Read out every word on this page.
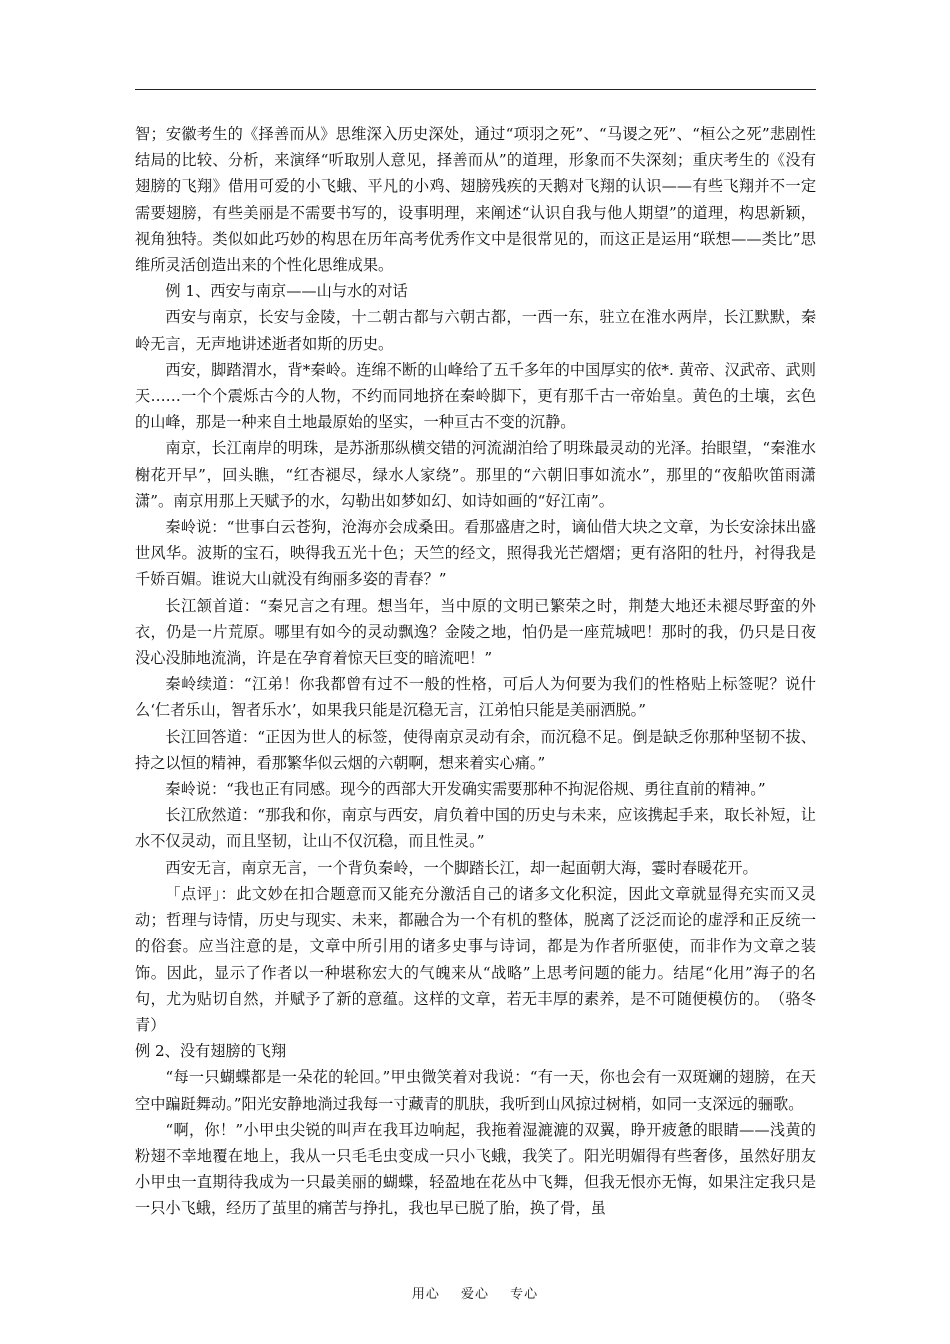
智；安徽考生的《择善而从》思维深入历史深处，通过“项羽之死”、“马谡之死”、“桓公之死”悲剧性结局的比较、分析，来演绎“听取别人意见，择善而从”的道理，形象而不失深刻；重庆考生的《没有翅膀的飞翔》借用可爱的小飞蛾、平凡的小鸡、翅膀残疾的天鹅对飞翔的认识——有些飞翔并不一定需要翅膀，有些美丽是不需要书写的，设事明理，来阐述“认识自我与他人期望”的道理，构思新颖，视角独特。类似如此巧妙的构思在历年高考优秀作文中是很常见的，而这正是运用“联想——类比”思维所灵活创造出来的个性化思维成果。

例 1、西安与南京——山与水的对话

西安与南京，长安与金陵，十二朝古都与六朝古都，一西一东，驻立在淮水两岸，长江默默，秦岭无言，无声地讲述逝者如斯的历史。

西安，脚踏渭水，背*秦岭。连绵不断的山峰给了五千多年的中国厚实的依*. 黄帝、汉武帝、武则天……一个个震烁古今的人物，不约而同地挤在秦岭脚下，更有那千古一帝始皇。黄色的土壤，玄色的山峰，那是一种来自土地最原始的坚实，一种亘古不变的沉静。

南京，长江南岸的明珠，是苏浙那纵横交错的河流湖泊给了明珠最灵动的光泽。抬眼望，“秦淮水榭花开早”，回头瞧，“红杏褪尽，绿水人家绕”。那里的“六朝旧事如流水”，那里的“夜船吹笛雨潇潇”。南京用那上天赋予的水，勾勒出如梦如幻、如诗如画的“好江南”。

秦岭说：“世事白云苍狗，沧海亦会成桑田。看那盛唐之时，谪仙借大块之文章，为长安涂抹出盛世风华。波斯的宝石，映得我五光十色；天竺的经文，照得我光芒熠熠；更有洛阳的牡丹，衬得我是千娇百媚。谁说大山就没有绚丽多姿的青春？”

长江颔首道：“秦兄言之有理。想当年，当中原的文明已繁荣之时，荆楚大地还未褪尽野蛮的外衣，仍是一片荒原。哪里有如今的灵动飘逸？金陵之地，怕仍是一座荒城吧！那时的我，仍只是日夜没心没肺地流淌，许是在孕育着惊天巨变的暗流吧！”

秦岭续道：“江弟！你我都曾有过不一般的性格，可后人为何要为我们的性格贴上标签呢？说什么‘仁者乐山，智者乐水’，如果我只能是沉稳无言，江弟怕只能是美丽洒脱。”

长江回答道：“正因为世人的标签，使得南京灵动有余，而沉稳不足。倒是缺乏你那种坚韧不拔、持之以恒的精神，看那繁华似云烟的六朝啊，想来着实心痛。”

秦岭说：“我也正有同感。现今的西部大开发确实需要那种不拘泥俗规、勇往直前的精神。”

长江欣然道：“那我和你，南京与西安，肩负着中国的历史与未来，应该携起手来，取长补短，让水不仅灵动，而且坚韧，让山不仅沉稳，而且性灵。”

西安无言，南京无言，一个背负秦岭，一个脚踏长江，却一起面朝大海，霎时春暖花开。

「点评」：此文妙在扣合题意而又能充分激活自己的诸多文化积淀，因此文章就显得充实而又灵动；哲理与诗情，历史与现实、未来，都融合为一个有机的整体，脱离了泛泛而论的虚浮和正反统一的俗套。应当注意的是，文章中所引用的诸多史事与诗词，都是为作者所驱使，而非作为文章之装饰。因此，显示了作者以一种堪称宏大的气魄来从“战略”上思考问题的能力。结尾“化用”海子的名句，尤为贴切自然，并赋予了新的意蕴。这样的文章，若无丰厚的素养，是不可随便模仿的。　（骆冬青）

例 2、没有翅膀的飞翔

“每一只蝴蝶都是一朵花的轮回。”甲虫微笑着对我说：“有一天，你也会有一双斑斓的翅膀，在天空中蹁跹舞动。”阳光安静地淌过我每一寸藏青的肌肤，我听到山风掠过树梢，如同一支深远的骊歌。

“啊，你！”小甲虫尖锐的叫声在我耳边响起，我拖着湿漉漉的双翼，睁开疲惫的眼睛——浅黄的粉翅不幸地覆在地上，我从一只毛毛虫变成一只小飞蛾，我笑了。阳光明媚得有些奢侈，虽然好朋友小甲虫一直期待我成为一只最美丽的蝴蝶，轻盈地在花丛中飞舞，但我无恨亦无悔，如果注定我只是一只小飞蛾，经历了茧里的痛苦与挣扎，我也早已脱了胎，换了骨，虽

用心 爱心 专心
